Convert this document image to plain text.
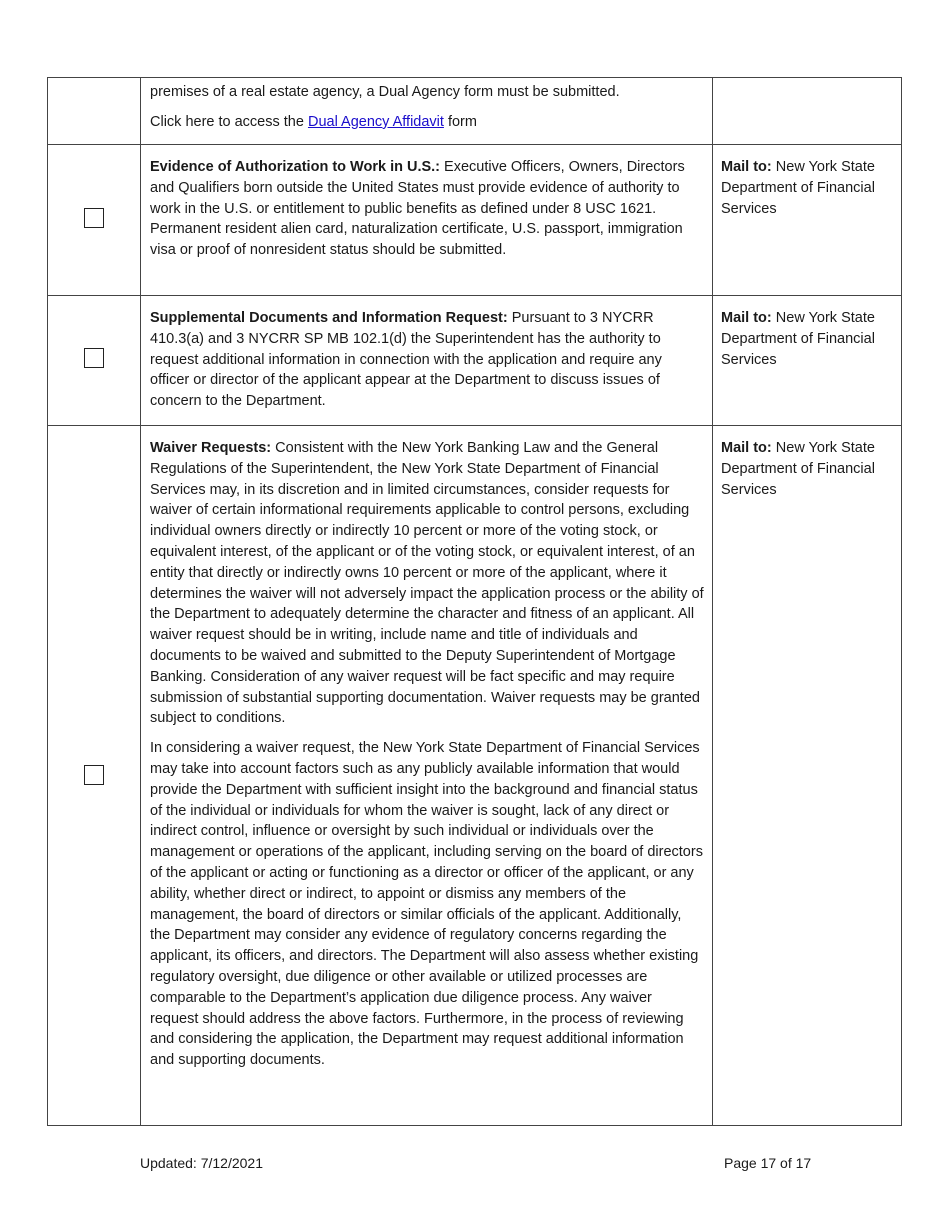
premises of a real estate agency, a Dual Agency form must be submitted.

Click here to access the Dual Agency Affidavit form

Evidence of Authorization to Work in U.S.: Executive Officers, Owners, Directors and Qualifiers born outside the United States must provide evidence of authority to work in the U.S. or entitlement to public benefits as defined under 8 USC 1621. Permanent resident alien card, naturalization certificate, U.S. passport, immigration visa or proof of nonresident status should be submitted.

Mail to: New York State Department of Financial Services

Supplemental Documents and Information Request: Pursuant to 3 NYCRR 410.3(a) and 3 NYCRR SP MB 102.1(d) the Superintendent has the authority to request additional information in connection with the application and require any officer or director of the applicant appear at the Department to discuss issues of concern to the Department.

Mail to: New York State Department of Financial Services

Waiver Requests: Consistent with the New York Banking Law and the General Regulations of the Superintendent, the New York State Department of Financial Services may, in its discretion and in limited circumstances, consider requests for waiver of certain informational requirements applicable to control persons, excluding individual owners directly or indirectly 10 percent or more of the voting stock, or equivalent interest, of the applicant or of the voting stock, or equivalent interest, of an entity that directly or indirectly owns 10 percent or more of the applicant, where it determines the waiver will not adversely impact the application process or the ability of the Department to adequately determine the character and fitness of an applicant. All waiver request should be in writing, include name and title of individuals and documents to be waived and submitted to the Deputy Superintendent of Mortgage Banking. Consideration of any waiver request will be fact specific and may require submission of substantial supporting documentation. Waiver requests may be granted subject to conditions.

In considering a waiver request, the New York State Department of Financial Services may take into account factors such as any publicly available information that would provide the Department with sufficient insight into the background and financial status of the individual or individuals for whom the waiver is sought, lack of any direct or indirect control, influence or oversight by such individual or individuals over the management or operations of the applicant, including serving on the board of directors of the applicant or acting or functioning as a director or officer of the applicant, or any ability, whether direct or indirect, to appoint or dismiss any members of the management, the board of directors or similar officials of the applicant. Additionally, the Department may consider any evidence of regulatory concerns regarding the applicant, its officers, and directors. The Department will also assess whether existing regulatory oversight, due diligence or other available or utilized processes are comparable to the Department’s application due diligence process. Any waiver request should address the above factors. Furthermore, in the process of reviewing and considering the application, the Department may request additional information and supporting documents.

Mail to: New York State Department of Financial Services
Updated: 7/12/2021	Page 17 of 17
